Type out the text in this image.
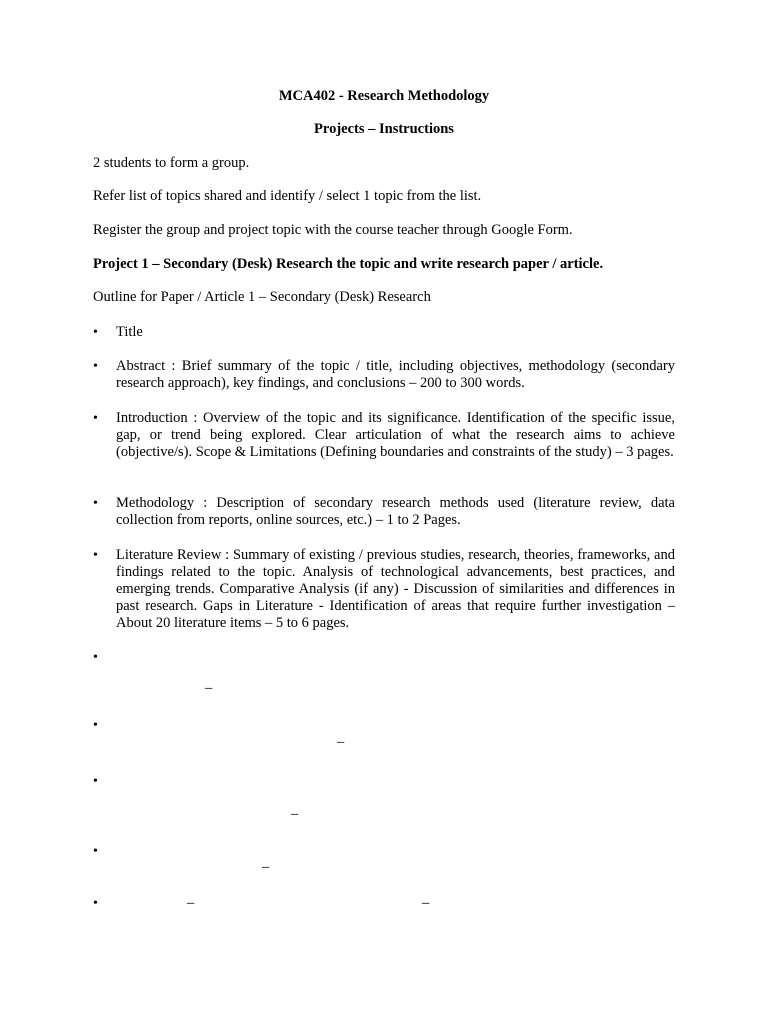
MCA402 - Research Methodology
Projects – Instructions

2 students to form a group.

Refer list of topics shared and identify / select 1 topic from the list.

Register the group and project topic with the course teacher through Google Form.

Project 1 – Secondary (Desk) Research the topic and write research paper / article.

Outline for Paper / Article 1 – Secondary (Desk) Research

• Title

• Abstract : Brief summary of the topic / title, including objectives, methodology (secondary research approach), key findings, and conclusions – 200 to 300 words.

• Introduction : Overview of the topic and its significance. Identification of the specific issue, gap, or trend being explored. Clear articulation of what the research aims to achieve (objective/s). Scope & Limitations (Defining boundaries and constraints of the study) – 3 pages.

• Methodology : Description of secondary research methods used (literature review, data collection from reports, online sources, etc.) – 1 to 2 Pages.

• Literature Review : Summary of existing / previous studies, research, theories, frameworks, and findings related to the topic. Analysis of technological advancements, best practices, and emerging trends. Comparative Analysis (if any) - Discussion of similarities and differences in past research. Gaps in Literature - Identification of areas that require further investigation – About 20 literature items – 5 to 6 pages.

•
–
•
–
•
–
•
–
•	–	–
